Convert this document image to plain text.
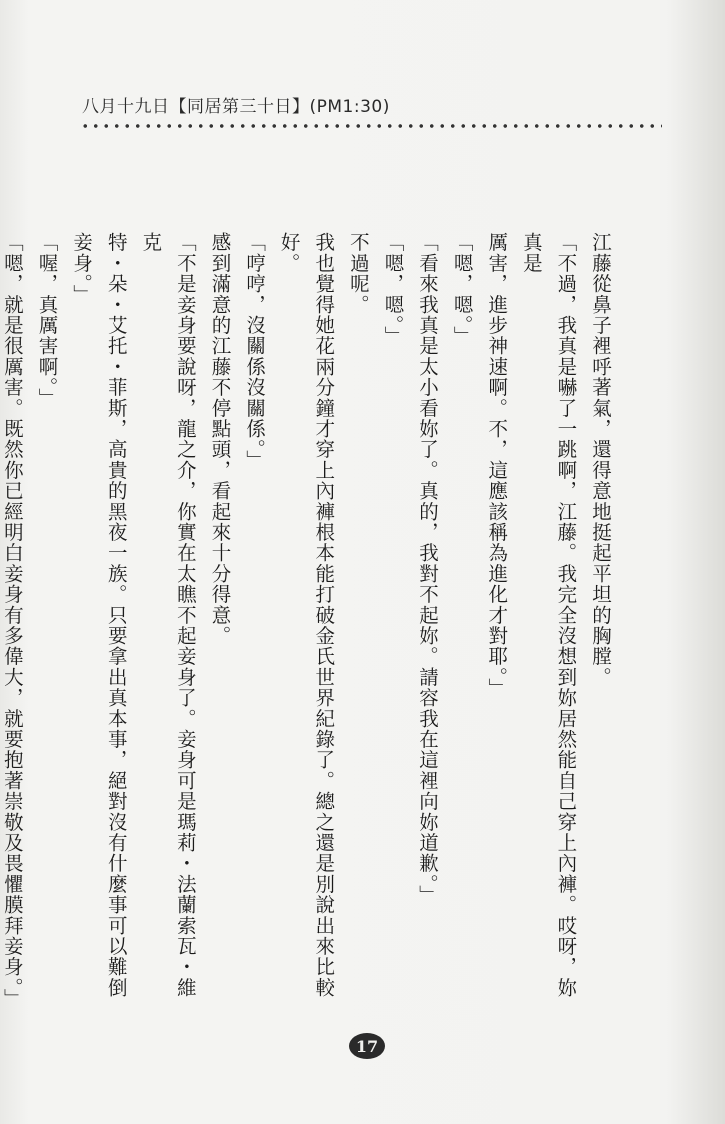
八月十九日【同居第三十日】(PM1:30)

江藤從鼻子裡呼著氣，還得意地挺起平坦的胸膛。

「不過，我真是嚇了一跳啊，江藤。我完全沒想到妳居然能自己穿上內褲。哎呀，妳真是

厲害，進步神速啊。不，這應該稱為進化才對耶。」

「嗯，嗯。」

「看來我真是太小看妳了。真的，我對不起妳。請容我在這裡向妳道歉。」

「嗯，嗯。」

不過呢。

我也覺得她花兩分鐘才穿上內褲根本能打破金氏世界紀錄了。總之還是別說出來比較好。

「哼哼，沒關係沒關係。」

感到滿意的江藤不停點頭，看起來十分得意。

「不是妾身要說呀，龍之介，你實在太瞧不起妾身了。妾身可是瑪莉・法蘭索瓦・維克

特・朵・艾托・菲斯，高貴的黑夜一族。只要拿出真本事，絕對沒有什麼事可以難倒妾身。」

「喔，真厲害啊。」

「嗯，就是很厲害。既然你已經明白妾身有多偉大，就要抱著崇敬及畏懼膜拜妾身。」

17
